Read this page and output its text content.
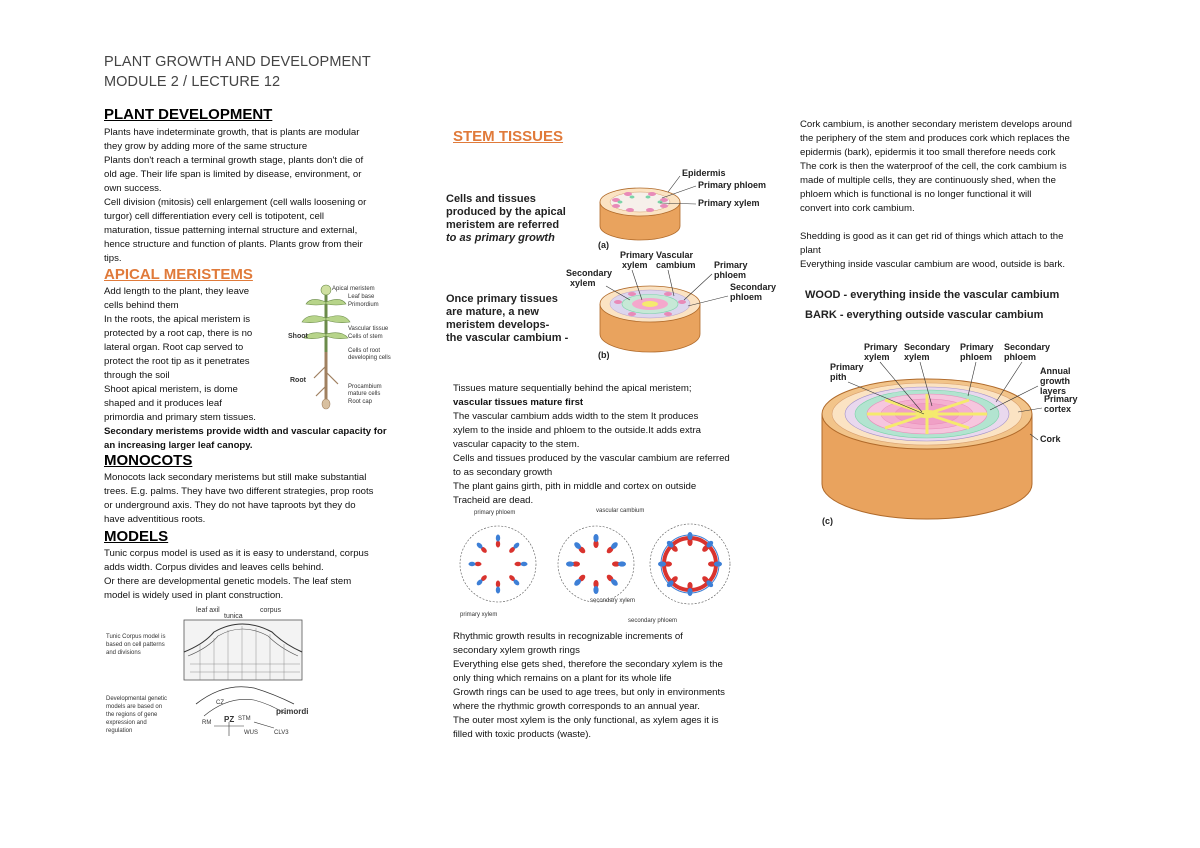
PLANT GROWTH AND DEVELOPMENT
MODULE 2 / LECTURE 12
PLANT DEVELOPMENT

Plants have indeterminate growth, that is plants are modular

they grow by adding more of the same structure

Plants don't reach a terminal growth stage, plants don't die of

old age. Their life span is limited by disease, environment, or

own success.

Cell division (mitosis) cell enlargement (cell walls loosening or

turgor) cell differentiation every cell is totipotent, cell

maturation, tissue patterning internal structure and external,

hence structure and function of plants. Plants grow from their

tips.

APICAL MERISTEMS

Add length to the plant, they leave

cells behind them

In the roots, the apical meristem is

protected by a root cap, there is no

lateral organ. Root cap served to

protect the root tip as it penetrates

through the soil

Shoot apical meristem, is dome

shaped and it produces leaf

primordia and primary stem tissues.

Secondary meristems provide width and vascular capacity for

an increasing larger leaf canopy.

Apical meristem
Leaf base
Primordium
Shoot
Vascular tissue
Cells of stem
Cells of root
developing cells
Root
Procambium
mature cells
Root cap
MONOCOTS

Monocots lack secondary meristems but still make substantial

trees. E.g. palms. They have two different strategies, prop roots

or underground axis. They do not have taproots byt they do

have adventitious roots.

MODELS

Tunic corpus model is used as it is easy to understand, corpus

adds width. Corpus divides and leaves cells behind.

Or there are developmental genetic models. The leaf stem

model is widely used in plant construction.

leaf axil
tunica
corpus
Tunic Corpus model is
based on cell patterns
and divisions
CZ
PZ
primordi
RM
STM
WUS	CLV3
Developmental genetic
models are based on
the regions of gene
expression and
regulation
STEM TISSUES
Cells and tissues
produced by the apical
meristem are referred
to as primary growth
Once primary tissues
are mature, a new
meristem develops-
the vascular cambium -
Epidermis
Primary phloem
Primary xylem
(a)
Primary
xylem
Vascular
cambium Primary
phloem
Secondary
xylem	Secondary
phloem
(b)

Tissues mature sequentially behind the apical meristem;

vascular tissues mature first

The vascular cambium adds width to the stem It produces

xylem to the inside and phloem to the outside.It adds extra

vascular capacity to the stem.

Cells and tissues produced by the vascular cambium are referred

to as secondary growth

The plant gains girth, pith in middle and cortex on outside

Tracheid are dead.

primary phloem	vascular cambium
primary xylem
secondary xylem
secondary phloem

Rhythmic growth results in recognizable increments of

secondary xylem growth rings

Everything else gets shed, therefore the secondary xylem is the

only thing which remains on a plant for its whole life

Growth rings can be used to age trees, but only in environments

where the rhythmic growth corresponds to an annual year.

The outer most xylem is the only functional, as xylem ages it is

filled with toxic products (waste).

Cork cambium, is another secondary meristem develops around

the periphery of the stem and produces cork which replaces the

epidermis (bark), epidermis it too small therefore needs cork

The cork is then the waterproof of the cell, the cork cambium is

made of multiple cells, they are continuously shed, when the

phloem which is functional is no longer functional it will

convert into cork cambium.

Shedding is good as it can get rid of things which attach to the

plant

Everything inside vascular cambium are wood, outside is bark.

WOOD - everything inside the vascular cambium
BARK - everything outside vascular cambium
Primary
xylem
Secondary
xylem
Primary
phloem
Secondary
phloem
Primary
pith
Annual
growth
layers
Primary
cortex
Cork
(c)
